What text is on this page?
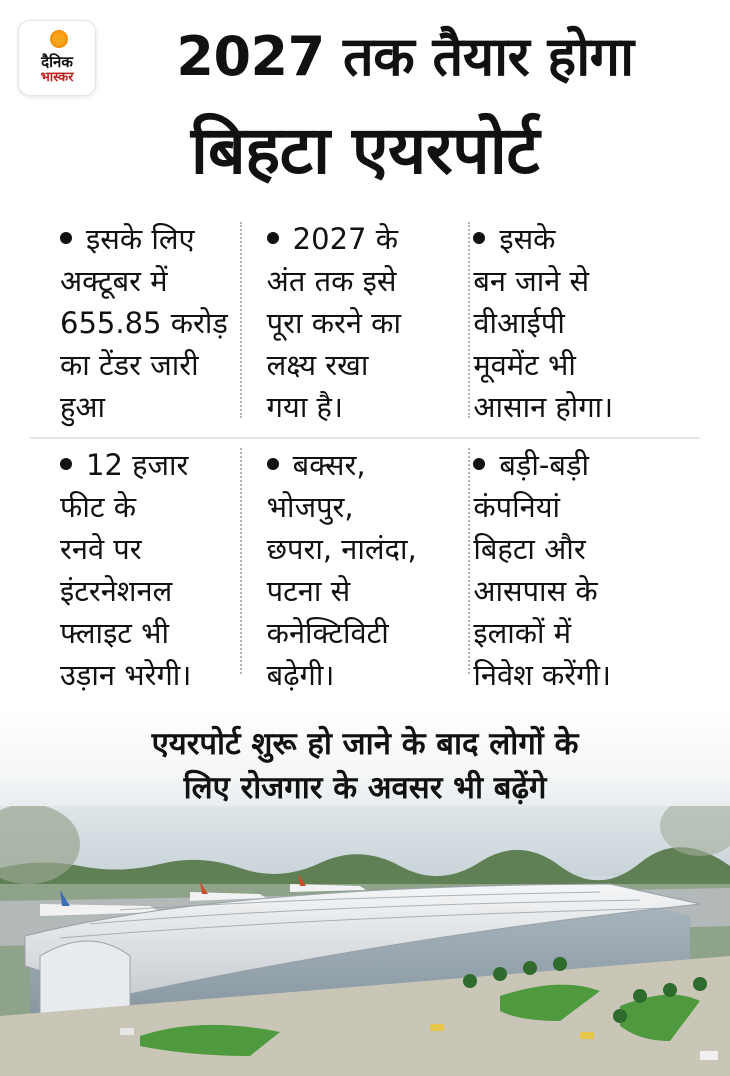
दैनिक
भास्कर	2027 तक तैयार होगा
बिहटा एयरपोर्ट
इसके लिए
अक्टूबर में
655.85 करोड़
का टेंडर जारी
हुआ
2027 के
अंत तक इसे
पूरा करने का
लक्ष्य रखा
गया है।
इसके
बन जाने से
वीआईपी
मूवमेंट भी
आसान होगा।
12 हजार
फीट के
रनवे पर
इंटरनेशनल
फ्लाइट भी
उड़ान भरेगी।
बक्सर,
भोजपुर,
छपरा, नालंदा,
पटना से
कनेक्टिविटी
बढ़ेगी।
बड़ी-बड़ी
कंपनियां
बिहटा और
आसपास के
इलाकों में
निवेश करेंगी।
एयरपोर्ट शुरू हो जाने के बाद लोगों के
लिए रोजगार के अवसर भी बढ़ेंगे
